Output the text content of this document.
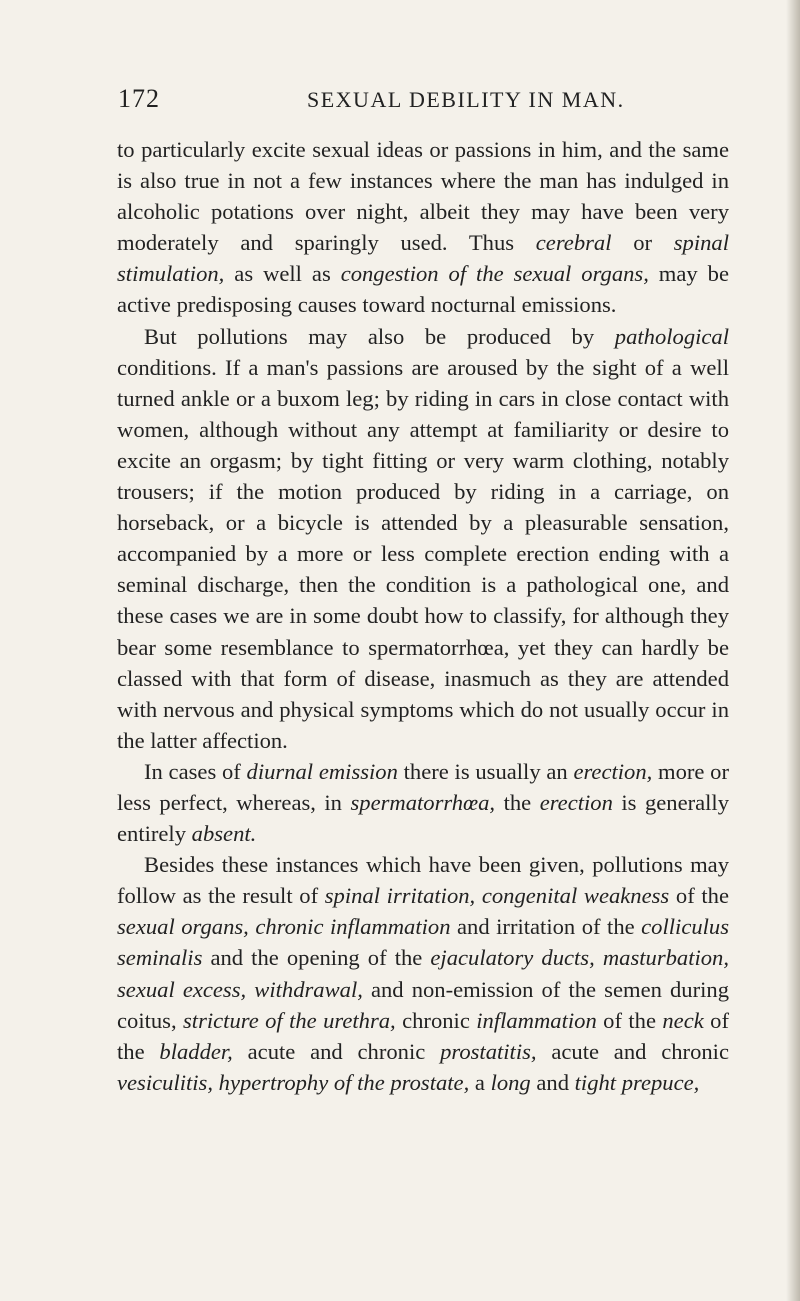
172	SEXUAL DEBILITY IN MAN.

to particularly excite sexual ideas or passions in him, and the same is also true in not a few instances where the man has indulged in alcoholic potations over night, albeit they may have been very moderately and sparingly used. Thus cerebral or spinal stimulation, as well as congestion of the sexual organs, may be active predisposing causes toward nocturnal emissions.

But pollutions may also be produced by pathological conditions. If a man's passions are aroused by the sight of a well turned ankle or a buxom leg; by riding in cars in close contact with women, although without any attempt at familiarity or desire to excite an orgasm; by tight fitting or very warm clothing, notably trousers; if the motion produced by riding in a carriage, on horseback, or a bicycle is attended by a pleasurable sensation, accompanied by a more or less complete erection ending with a seminal discharge, then the condition is a pathological one, and these cases we are in some doubt how to classify, for although they bear some resemblance to spermatorrhœa, yet they can hardly be classed with that form of disease, inasmuch as they are attended with nervous and physical symptoms which do not usually occur in the latter affection.

In cases of diurnal emission there is usually an erection, more or less perfect, whereas, in spermatorrhœa, the erection is generally entirely absent.

Besides these instances which have been given, pollutions may follow as the result of spinal irritation, congenital weakness of the sexual organs, chronic inflammation and irritation of the colliculus seminalis and the opening of the ejaculatory ducts, masturbation, sexual excess, withdrawal, and non-emission of the semen during coitus, stricture of the urethra, chronic inflammation of the neck of the bladder, acute and chronic prostatitis, acute and chronic vesiculitis, hypertrophy of the prostate, a long and tight prepuce,
